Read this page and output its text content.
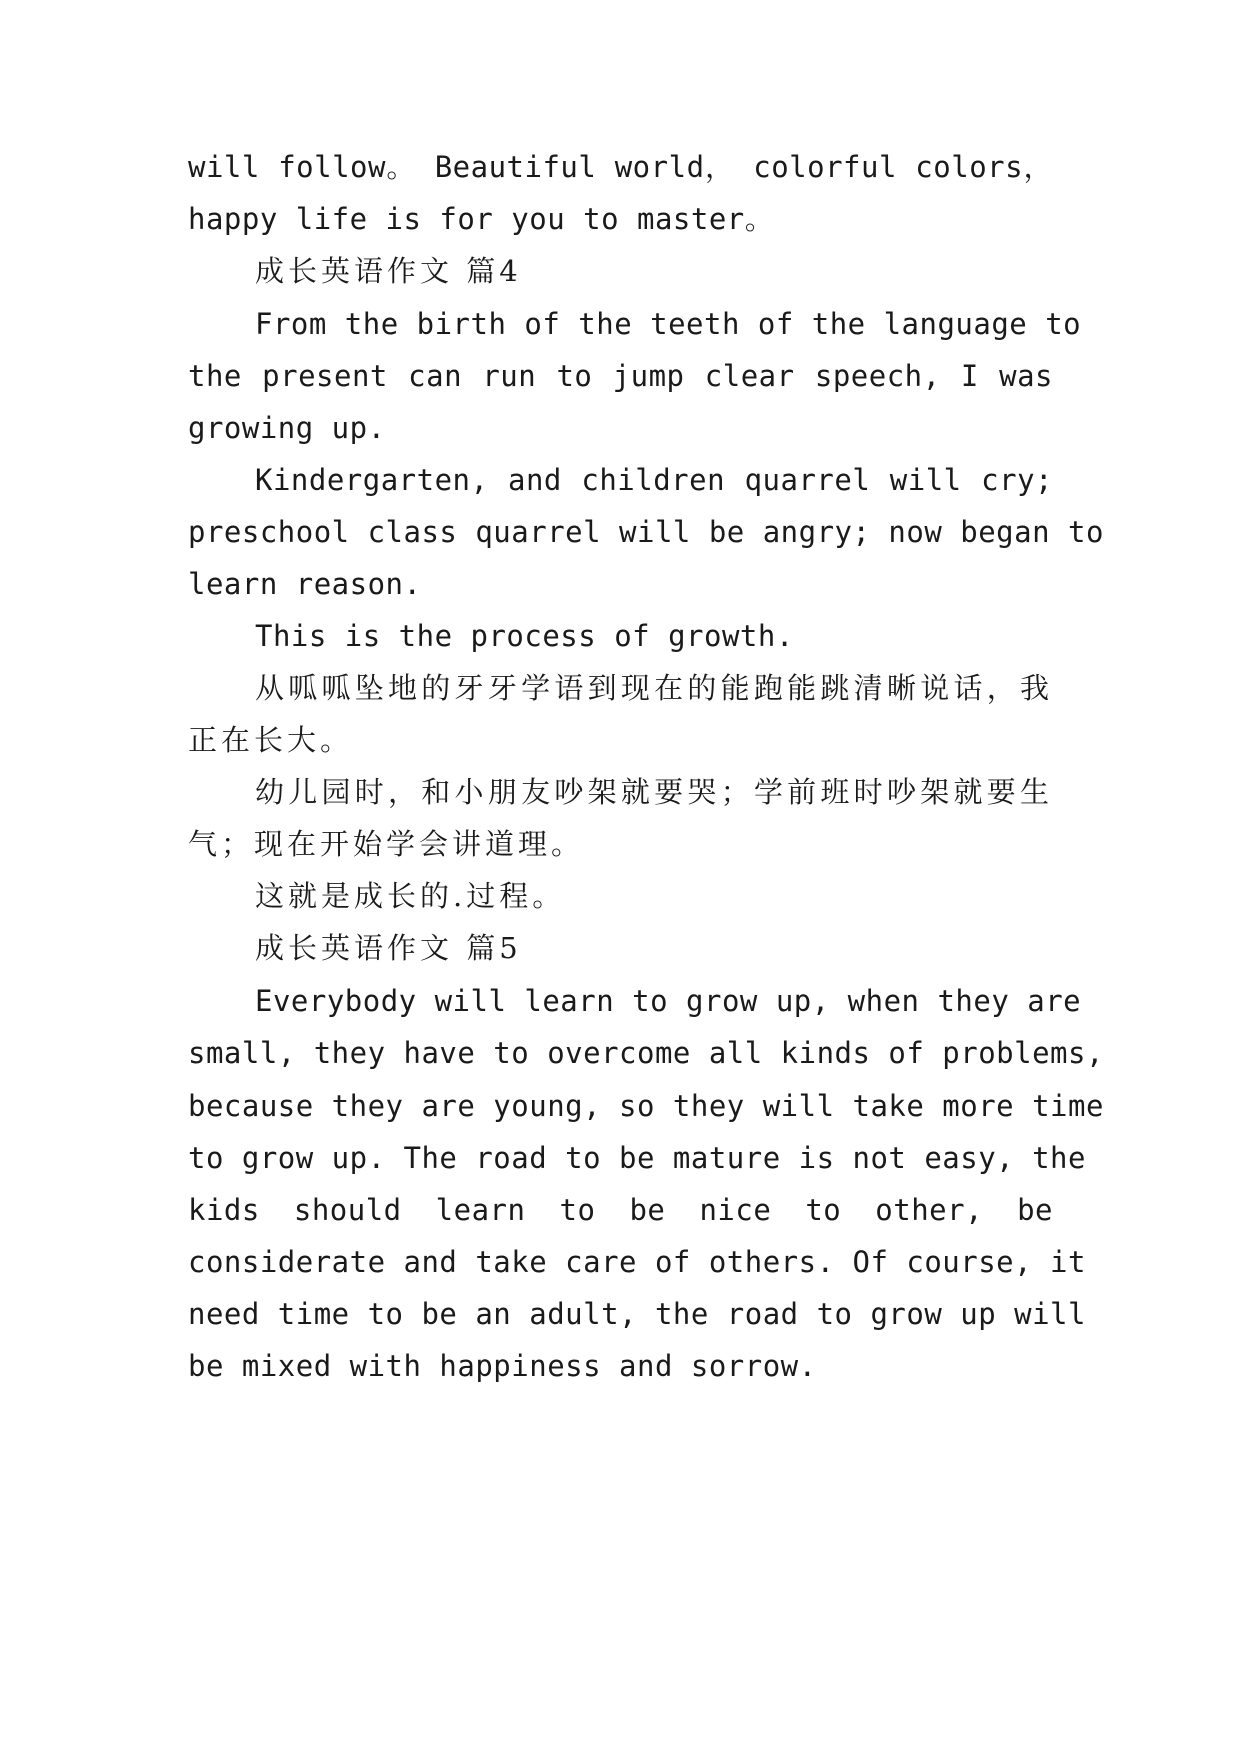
will follow。 Beautiful world， colorful colors，
happy life is for you to master。
成长英语作文 篇4
From the birth of the teeth of the language to
the present can run to jump clear speech, I was
growing up.
Kindergarten, and children quarrel will cry;
preschool class quarrel will be angry; now began to
learn reason.
This is the process of growth.
从呱呱坠地的牙牙学语到现在的能跑能跳清晰说话，我
正在长大。
幼儿园时，和小朋友吵架就要哭；学前班时吵架就要生
气；现在开始学会讲道理。
这就是成长的.过程。
成长英语作文 篇5
Everybody will learn to grow up, when they are
small, they have to overcome all kinds of problems,
because they are young, so they will take more time
to grow up. The road to be mature is not easy, the
kids should learn to be nice to other, be
considerate and take care of others. Of course, it
need time to be an adult, the road to grow up will
be mixed with happiness and sorrow.
